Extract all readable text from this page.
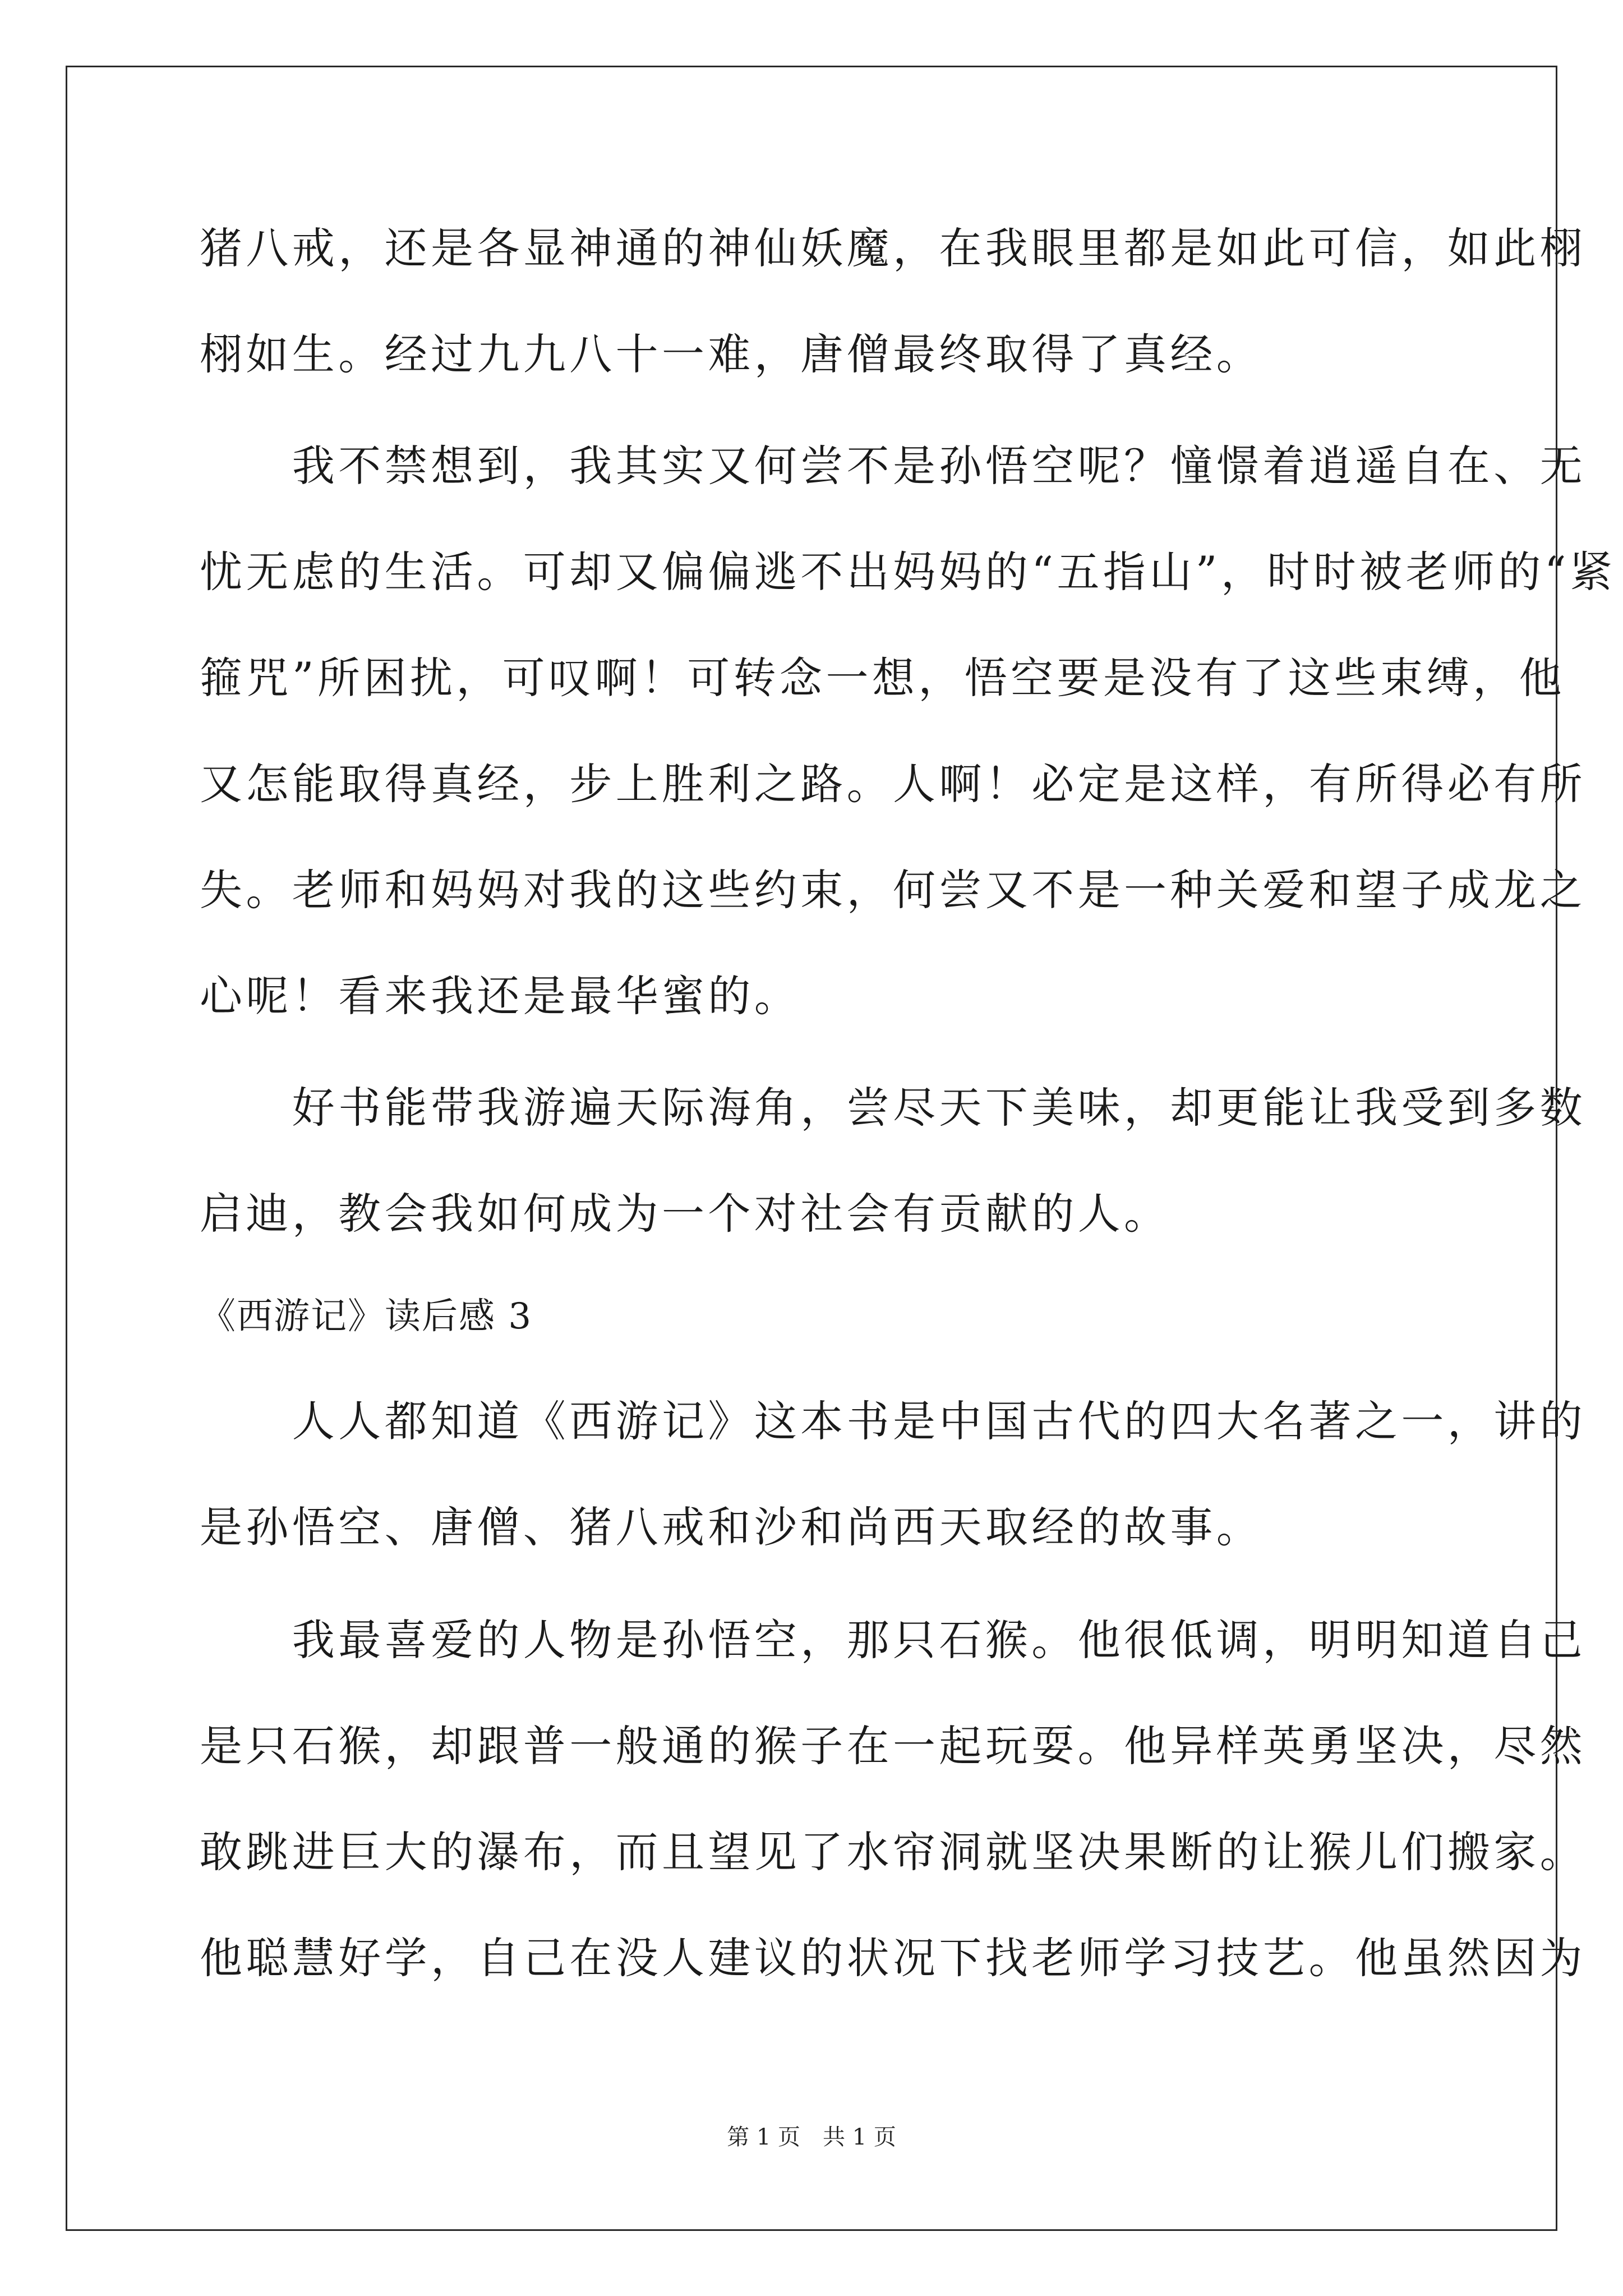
猪八戒，还是各显神通的神仙妖魔，在我眼里都是如此可信，如此栩
栩如生。经过九九八十一难，唐僧最终取得了真经。
　　我不禁想到，我其实又何尝不是孙悟空呢？憧憬着逍遥自在、无
忧无虑的生活。可却又偏偏逃不出妈妈的“五指山”，时时被老师的“紧
箍咒”所困扰，可叹啊！可转念一想，悟空要是没有了这些束缚，他
又怎能取得真经，步上胜利之路。人啊！必定是这样，有所得必有所
失。老师和妈妈对我的这些约束，何尝又不是一种关爱和望子成龙之
心呢！看来我还是最华蜜的。
　　好书能带我游遍天际海角，尝尽天下美味，却更能让我受到多数
启迪，教会我如何成为一个对社会有贡献的人。
《西游记》读后感 3
　　人人都知道《西游记》这本书是中国古代的四大名著之一，讲的
是孙悟空、唐僧、猪八戒和沙和尚西天取经的故事。
　　我最喜爱的人物是孙悟空，那只石猴。他很低调，明明知道自己
是只石猴，却跟普一般通的猴子在一起玩耍。他异样英勇坚决，尽然
敢跳进巨大的瀑布，而且望见了水帘洞就坚决果断的让猴儿们搬家。
他聪慧好学，自己在没人建议的状况下找老师学习技艺。他虽然因为
第 1 页　共 1 页
